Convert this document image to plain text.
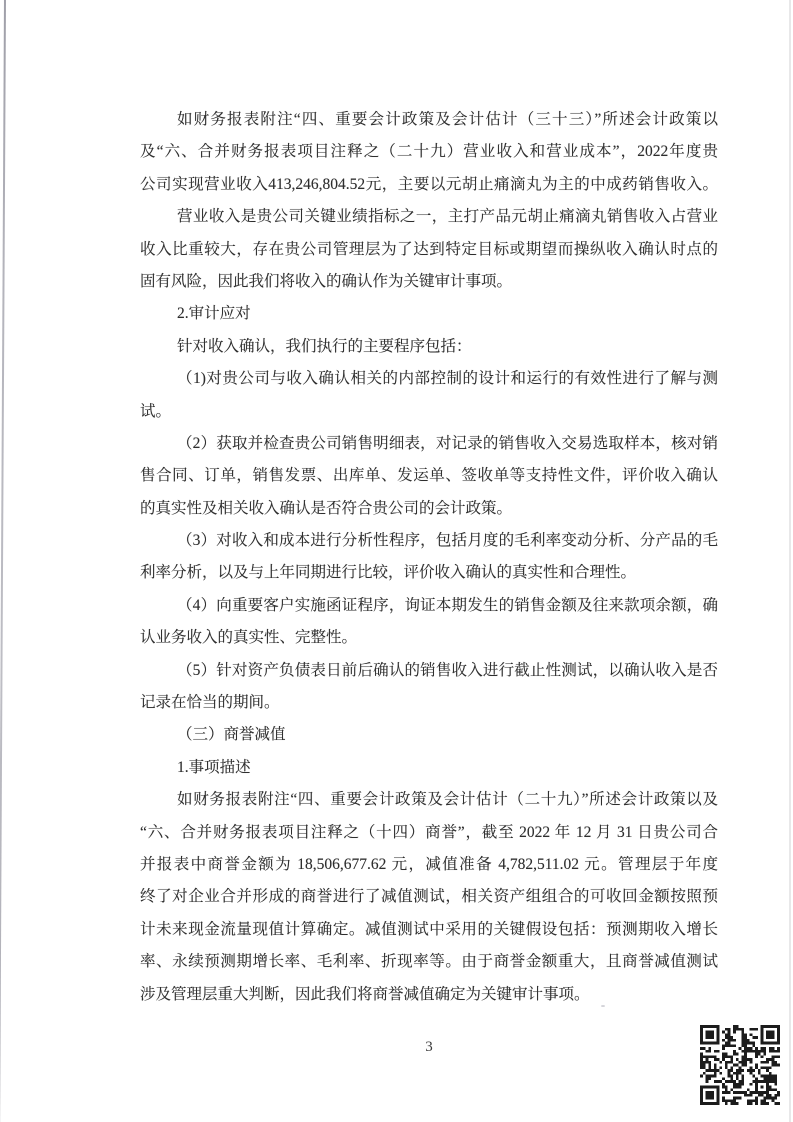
如财务报表附注“四、重要会计政策及会计估计（三十三）”所述会计政策以
及“六、合并财务报表项目注释之（二十九）营业收入和营业成本”，2022年度贵
公司实现营业收入413,246,804.52元，主要以元胡止痛滴丸为主的中成药销售收入。
营业收入是贵公司关键业绩指标之一，主打产品元胡止痛滴丸销售收入占营业
收入比重较大，存在贵公司管理层为了达到特定目标或期望而操纵收入确认时点的
固有风险，因此我们将收入的确认作为关键审计事项。
2.审计应对
针对收入确认，我们执行的主要程序包括：
（1)对贵公司与收入确认相关的内部控制的设计和运行的有效性进行了解与测
试。
（2）获取并检查贵公司销售明细表，对记录的销售收入交易选取样本，核对销
售合同、订单，销售发票、出库单、发运单、签收单等支持性文件，评价收入确认
的真实性及相关收入确认是否符合贵公司的会计政策。
（3）对收入和成本进行分析性程序，包括月度的毛利率变动分析、分产品的毛
利率分析，以及与上年同期进行比较，评价收入确认的真实性和合理性。
（4）向重要客户实施函证程序，询证本期发生的销售金额及往来款项余额，确
认业务收入的真实性、完整性。
（5）针对资产负债表日前后确认的销售收入进行截止性测试，以确认收入是否
记录在恰当的期间。
（三）商誉减值
1.事项描述
如财务报表附注“四、重要会计政策及会计估计（二十九）”所述会计政策以及
“六、合并财务报表项目注释之（十四）商誉”，截至 2022 年 12 月 31 日贵公司合
并报表中商誉金额为 18,506,677.62 元，减值准备 4,782,511.02 元。管理层于年度
终了对企业合并形成的商誉进行了减值测试，相关资产组组合的可收回金额按照预
计未来现金流量现值计算确定。减值测试中采用的关键假设包括：预测期收入增长
率、永续预测期增长率、毛利率、折现率等。由于商誉金额重大，且商誉减值测试
涉及管理层重大判断，因此我们将商誉减值确定为关键审计事项。
3
